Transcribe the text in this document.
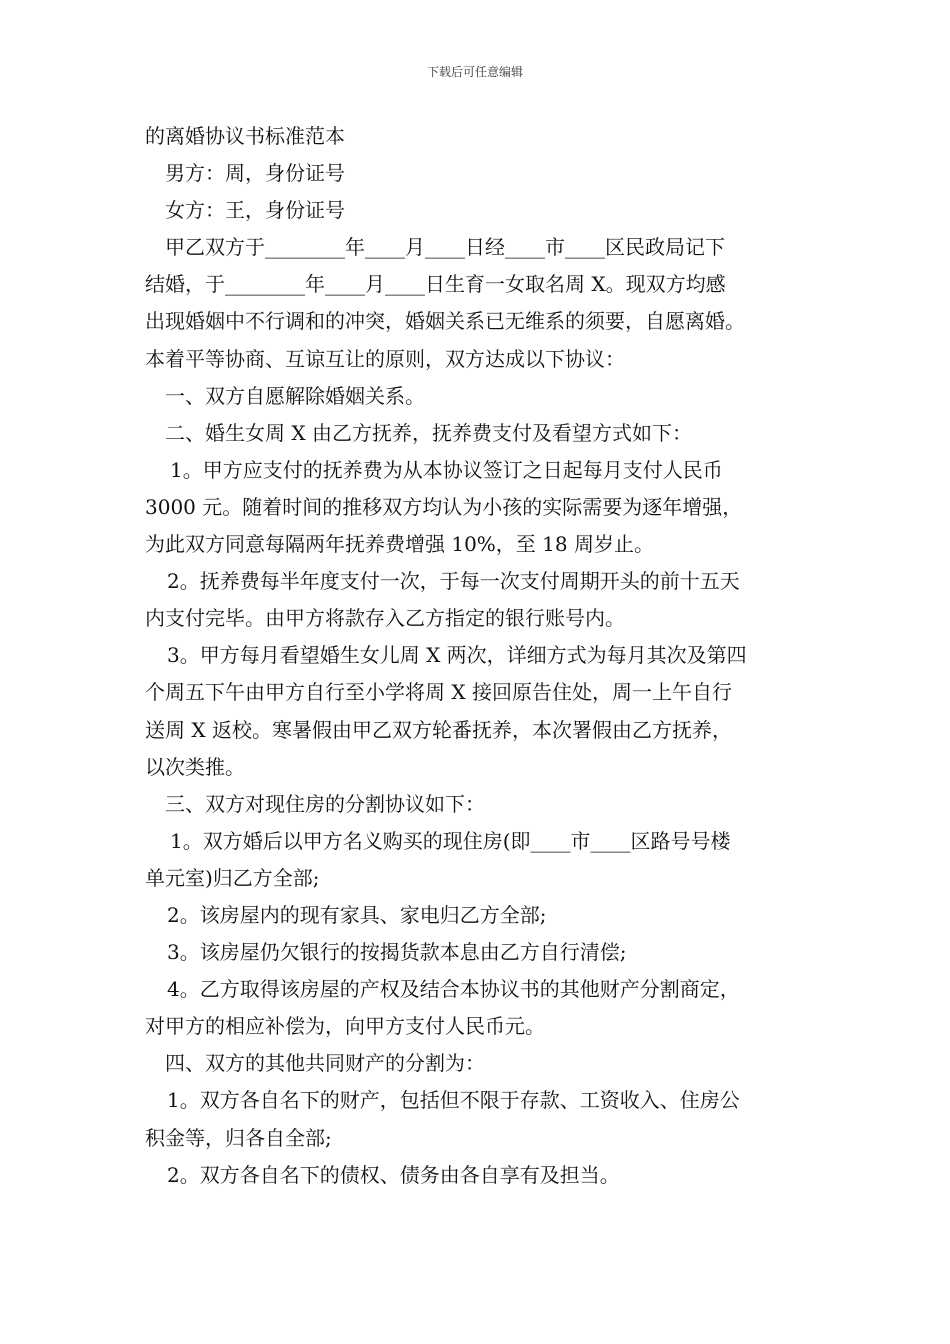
下载后可任意编辑

的离婚协议书标准范本

男方：周，身份证号

女方：王，身份证号

甲乙双方于________年____月____日经____市____区民政局记下

结婚，于________年____月____日生育一女取名周 X。现双方均感

出现婚姻中不行调和的冲突，婚姻关系已无维系的须要，自愿离婚。

本着平等协商、互谅互让的原则，双方达成以下协议：

一、双方自愿解除婚姻关系。

二、婚生女周 X 由乙方抚养，抚养费支付及看望方式如下：

1。甲方应支付的抚养费为从本协议签订之日起每月支付人民币

3000 元。随着时间的推移双方均认为小孩的实际需要为逐年增强，

为此双方同意每隔两年抚养费增强 10%，至 18 周岁止。

2。抚养费每半年度支付一次，于每一次支付周期开头的前十五天

内支付完毕。由甲方将款存入乙方指定的银行账号内。

3。甲方每月看望婚生女儿周 X 两次，详细方式为每月其次及第四

个周五下午由甲方自行至小学将周 X 接回原告住处，周一上午自行

送周 X 返校。寒暑假由甲乙双方轮番抚养，本次署假由乙方抚养，

以次类推。

三、双方对现住房的分割协议如下：

1。双方婚后以甲方名义购买的现住房(即____市____区路号号楼

单元室)归乙方全部;

2。该房屋内的现有家具、家电归乙方全部;

3。该房屋仍欠银行的按揭货款本息由乙方自行清偿;

4。乙方取得该房屋的产权及结合本协议书的其他财产分割商定，

对甲方的相应补偿为，向甲方支付人民币元。

四、双方的其他共同财产的分割为：

1。双方各自名下的财产，包括但不限于存款、工资收入、住房公

积金等，归各自全部;

2。双方各自名下的债权、债务由各自享有及担当。
